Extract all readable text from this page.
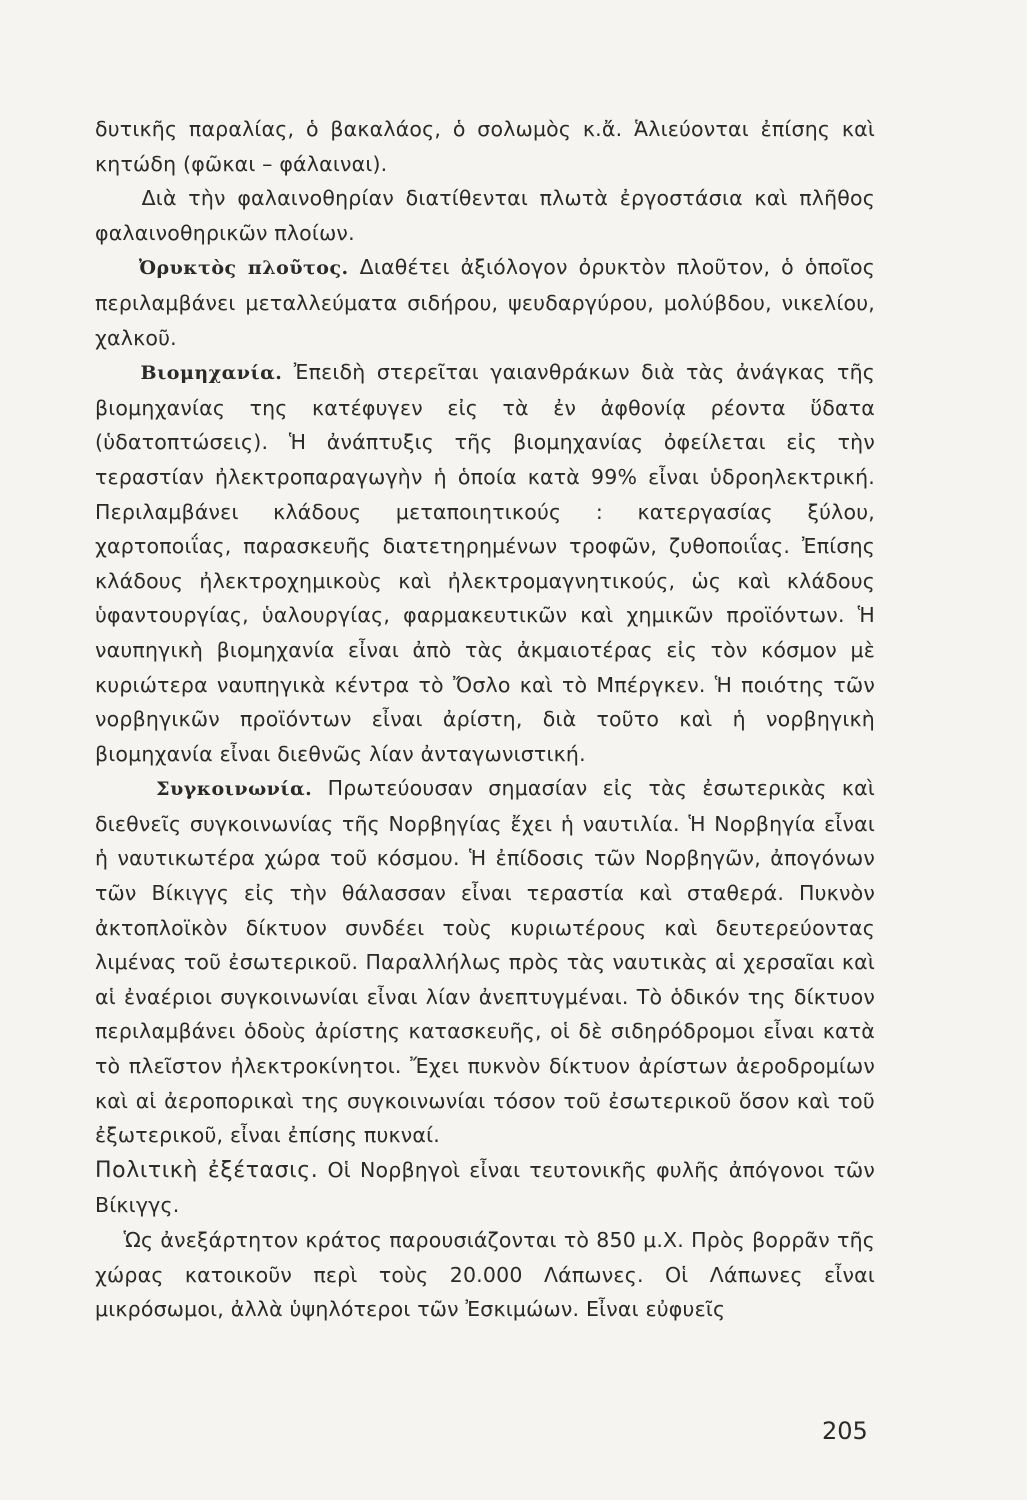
δυτικῆς παραλίας, ὁ βακαλάος, ὁ σολωμὸς κ.ἄ. Ἁλιεύονται ἐπίσης καὶ κητώδη (φῶκαι – φάλαιναι).

Διὰ τὴν φαλαινοθηρίαν διατίθενται πλωτὰ ἐργοστάσια καὶ πλῆθος φαλαινοθηρικῶν πλοίων.

Ὀρυκτὸς πλοῦτος. Διαθέτει ἀξιόλογον ὀρυκτὸν πλοῦτον, ὁ ὁποῖος περιλαμβάνει μεταλλεύματα σιδήρου, ψευδαργύρου, μολύβδου, νικελίου, χαλκοῦ.

Βιομηχανία. Ἐπειδὴ στερεῖται γαιανθράκων διὰ τὰς ἀνάγκας τῆς βιομηχανίας της κατέφυγεν εἰς τὰ ἐν ἀφθονίᾳ ρέοντα ὕδατα (ὑδατοπτώσεις). Ἡ ἀνάπτυξις τῆς βιομηχανίας ὀφείλεται εἰς τὴν τεραστίαν ἠλεκτροπαραγωγὴν ἡ ὁποία κατὰ 99% εἶναι ὑδροηλεκτρική. Περιλαμβάνει κλάδους μεταποιητικούς : κατεργασίας ξύλου, χαρτοποιΐας, παρασκευῆς διατετηρημένων τροφῶν, ζυθοποιΐας. Ἐπίσης κλάδους ἠλεκτροχημικοὺς καὶ ἠλεκτρομαγνητικούς, ὡς καὶ κλάδους ὑφαντουργίας, ὑαλουργίας, φαρμακευτικῶν καὶ χημικῶν προϊόντων. Ἡ ναυπηγικὴ βιομηχανία εἶναι ἀπὸ τὰς ἀκμαιοτέρας εἰς τὸν κόσμον μὲ κυριώτερα ναυπηγικὰ κέντρα τὸ Ὄσλο καὶ τὸ Μπέργκεν. Ἡ ποιότης τῶν νορβηγικῶν προϊόντων εἶναι ἀρίστη, διὰ τοῦτο καὶ ἡ νορβηγικὴ βιομηχανία εἶναι διεθνῶς λίαν ἀνταγωνιστική.

Συγκοινωνία. Πρωτεύουσαν σημασίαν εἰς τὰς ἐσωτερικὰς καὶ διεθνεῖς συγκοινωνίας τῆς Νορβηγίας ἔχει ἡ ναυτιλία. Ἡ Νορβηγία εἶναι ἡ ναυτικωτέρα χώρα τοῦ κόσμου. Ἡ ἐπίδοσις τῶν Νορβηγῶν, ἀπογόνων τῶν Βίκιγγς εἰς τὴν θάλασσαν εἶναι τεραστία καὶ σταθερά. Πυκνὸν ἀκτοπλοϊκὸν δίκτυον συνδέει τοὺς κυριωτέρους καὶ δευτερεύοντας λιμένας τοῦ ἐσωτερικοῦ. Παραλλήλως πρὸς τὰς ναυτικὰς αἱ χερσαῖαι καὶ αἱ ἐναέριοι συγκοινωνίαι εἶναι λίαν ἀνεπτυγμέναι. Τὸ ὁδικόν της δίκτυον περιλαμβάνει ὁδοὺς ἀρίστης κατασκευῆς, οἱ δὲ σιδηρόδρομοι εἶναι κατὰ τὸ πλεῖστον ἠλεκτροκίνητοι. Ἔχει πυκνὸν δίκτυον ἀρίστων ἀεροδρομίων καὶ αἱ ἀεροπορικαὶ της συγκοινωνίαι τόσον τοῦ ἐσωτερικοῦ ὅσον καὶ τοῦ ἐξωτερικοῦ, εἶναι ἐπίσης πυκναί.

Πολιτικὴ ἐξέτασις. Οἱ Νορβηγοὶ εἶναι τευτονικῆς φυλῆς ἀπόγονοι τῶν Βίκιγγς.

Ὡς ἀνεξάρτητον κράτος παρουσιάζονται τὸ 850 μ.Χ. Πρὸς βορρᾶν τῆς χώρας κατοικοῦν περὶ τοὺς 20.000 Λάπωνες. Οἱ Λάπωνες εἶναι μικρόσωμοι, ἀλλὰ ὑψηλότεροι τῶν Ἐσκιμώων. Εἶναι εὐφυεῖς

205
